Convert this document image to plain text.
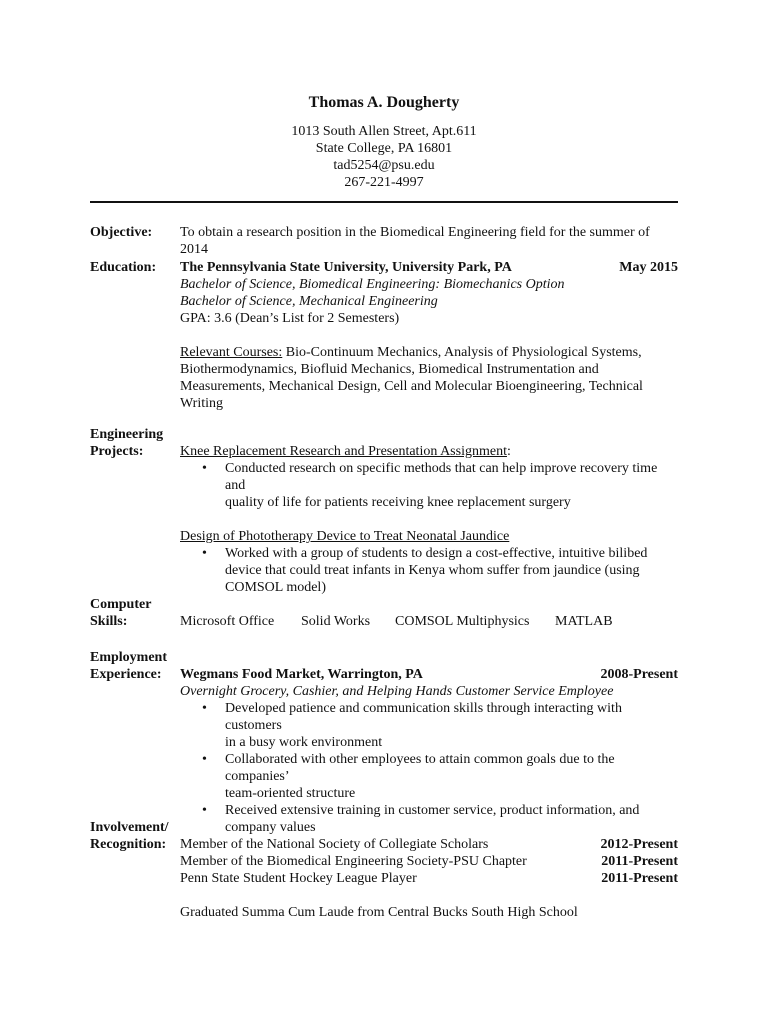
Thomas A. Dougherty
1013 South Allen Street, Apt.611
State College, PA 16801
tad5254@psu.edu
267-221-4997
Objective:	To obtain a research position in the Biomedical Engineering field for the summer of 2014
Education:	The Pennsylvania State University, University Park, PA	May 2015
Bachelor of Science, Biomedical Engineering: Biomechanics Option
Bachelor of Science, Mechanical Engineering
GPA: 3.6 (Dean’s List for 2 Semesters)
Relevant Courses: Bio-Continuum Mechanics, Analysis of Physiological Systems,
Biothermodynamics, Biofluid Mechanics, Biomedical Instrumentation and
Measurements, Mechanical Design, Cell and Molecular Bioengineering, Technical
Writing
Engineering
Projects:	Knee Replacement Research and Presentation Assignment:
• Conducted research on specific methods that can help improve recovery time and
quality of life for patients receiving knee replacement surgery
Design of Phototherapy Device to Treat Neonatal Jaundice
• Worked with a group of students to design a cost-effective, intuitive bilibed
device that could treat infants in Kenya whom suffer from jaundice (using
COMSOL model)
Computer
Skills:	Microsoft Office	Solid Works	COMSOL Multiphysics	MATLAB
Employment
Experience:	Wegmans Food Market, Warrington, PA	2008-Present
Overnight Grocery, Cashier, and Helping Hands Customer Service Employee
• Developed patience and communication skills through interacting with customers
in a busy work environment
• Collaborated with other employees to attain common goals due to the companies’
team-oriented structure
• Received extensive training in customer service, product information, and
company values
Involvement/
Recognition: Member of the National Society of Collegiate Scholars	2012-Present
Member of the Biomedical Engineering Society-PSU Chapter	2011-Present
Penn State Student Hockey League Player	2011-Present
Graduated Summa Cum Laude from Central Bucks South High School
